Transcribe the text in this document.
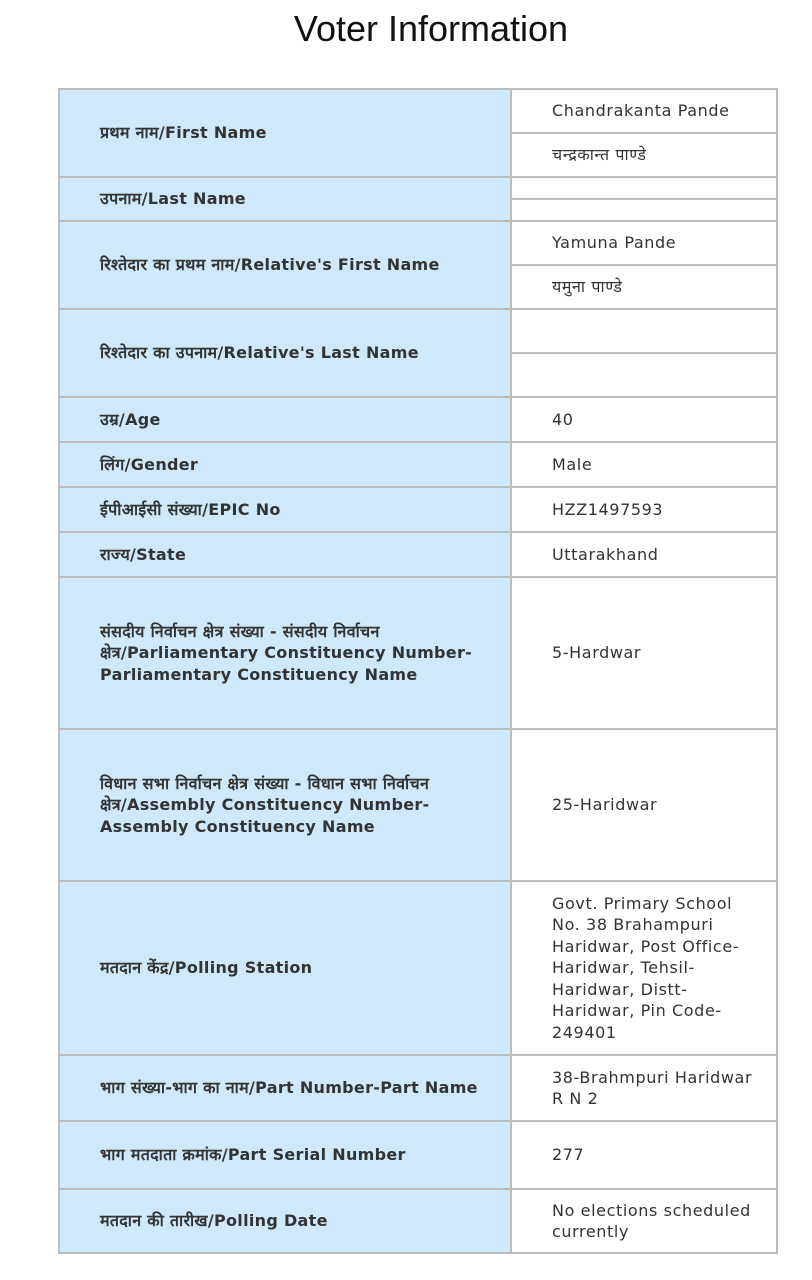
Voter Information
प्रथम नाम/First Name	Chandrakanta Pande
	चन्द्रकान्त पाण्डे
उपनाम/Last Name	

रिश्तेदार का प्रथम नाम/Relative's First Name	Yamuna Pande
	यमुना पाण्डे
रिश्तेदार का उपनाम/Relative's Last Name	

उम्र/Age	40
लिंग/Gender	Male
ईपीआईसी संख्या/EPIC No	HZZ1497593
राज्य/State	Uttarakhand
संसदीय निर्वाचन क्षेत्र संख्या - संसदीय निर्वाचन क्षेत्र/Parliamentary Constituency Number-Parliamentary Constituency Name	5-Hardwar
विधान सभा निर्वाचन क्षेत्र संख्या - विधान सभा निर्वाचन क्षेत्र/Assembly Constituency Number-Assembly Constituency Name	25-Haridwar
मतदान केंद्र/Polling Station	Govt. Primary School No. 38 Brahampuri Haridwar, Post Office-Haridwar, Tehsil-Haridwar, Distt-Haridwar, Pin Code-249401
भाग संख्या-भाग का नाम/Part Number-Part Name	38-Brahmpuri Haridwar R N 2
भाग मतदाता क्रमांक/Part Serial Number	277
मतदान की तारीख/Polling Date	No elections scheduled currently
